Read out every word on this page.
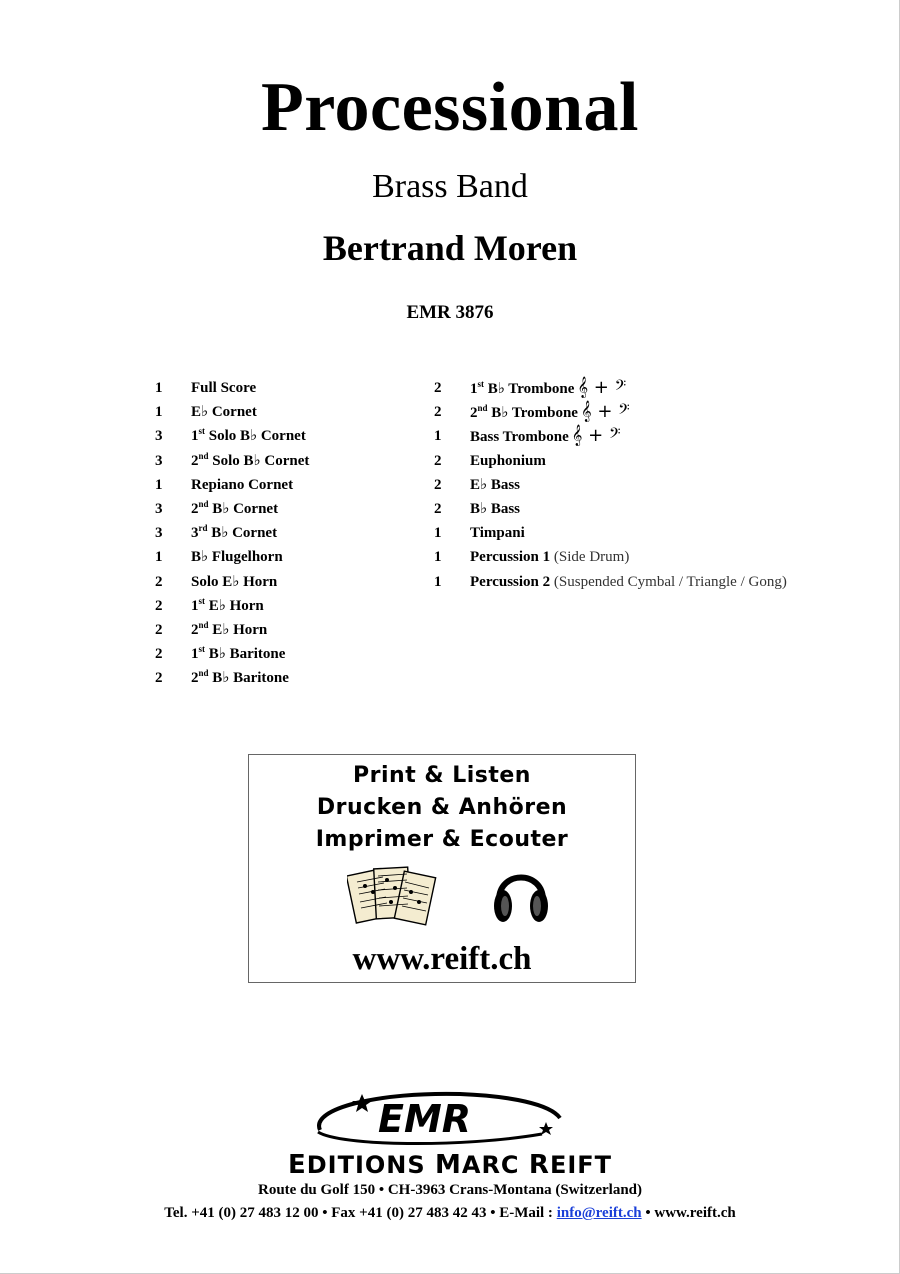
Processional
Brass Band
Bertrand Moren
EMR 3876
1	Full Score
1	E♭ Cornet
3	1st Solo B♭ Cornet
3	2nd Solo B♭ Cornet
1	Repiano Cornet
3	2nd B♭ Cornet
3	3rd B♭ Cornet
1	B♭ Flugelhorn
2	Solo E♭ Horn
2	1st E♭ Horn
2	2nd E♭ Horn
2	1st B♭ Baritone
2	2nd B♭ Baritone
2	1st B♭ Trombone 𝄞 + 𝄢
2	2nd B♭ Trombone 𝄞 + 𝄢
1	Bass Trombone 𝄞 + 𝄢
2	Euphonium
2	E♭ Bass
2	B♭ Bass
1	Timpani
1	Percussion 1 (Side Drum)
1	Percussion 2 (Suspended Cymbal / Triangle / Gong)
Print & Listen
Drucken & Anhören
Imprimer & Ecouter
www.reift.ch
EMR
EDITIONS MARC REIFT
Route du Golf 150 • CH-3963 Crans-Montana (Switzerland)
Tel. +41 (0) 27 483 12 00 • Fax +41 (0) 27 483 42 43 • E-Mail : info@reift.ch • www.reift.ch
